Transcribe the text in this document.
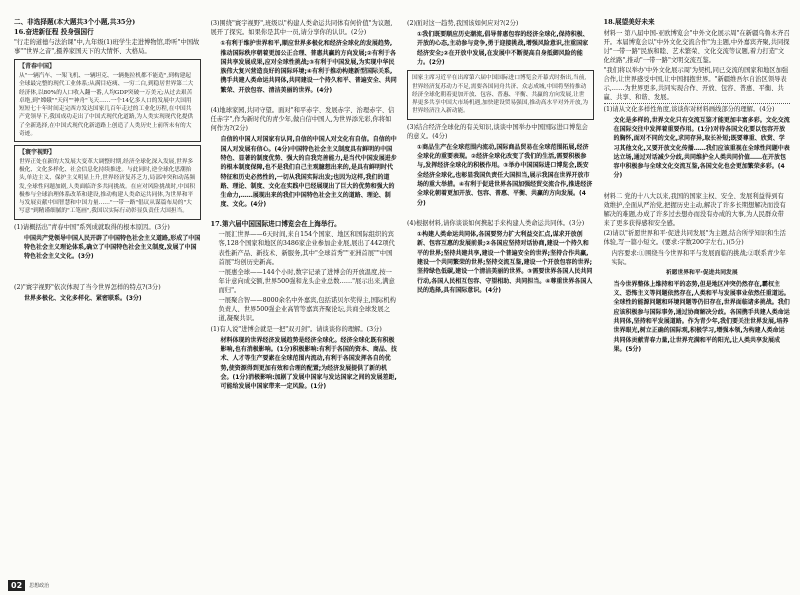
二、非选择题(本大题共3个小题,共35分)
16.奋进新征程 投身强国行
"行走的道德与法治课"中,九年级(1)班学生走进博物馆,聆听"中国故事""世界之音",摄养家国天下的大情怀、大格局。
【青春中国】
从"一辆汽车、一架飞机、一辆坦克、一辆拖拉机都不能造",到构建起全球最完整的现代工业体系;从满目疮痍、一穷二白,到稳居世界第二大经济体,以80%的人口收入翻一番,人均GDP突破一万美元;从过去艰苦卓绝,到"嫦娥""天问""神舟"飞天……一个14亿多人口的发展中大国用短短七十年时间走完西方发达国家几百年走过的工业化历程,在中国共产党领导下,我国成功走出了中国式现代化道路,为人类实现现代化提供了全新选择,在中国式现代化新道路上创造了人类历史上前所未有的大奇迹。
【寰宇视野】
世界正处在新的大发展大变革大调整时期,经济全球化深入发展,世界多极化、文化多样化、社会信息化持续推进。与此同时,逆全球化思潮抬头,单边主义、保护主义明显上升,世界经济复苏乏力,局部冲突和动荡频发,全球性问题加剧,人类面临许多共同挑战。在应对风险挑战时,中国积极参与全球治理体系改革和建设,推动构建人类命运共同体,为世界和平与发展贡献中国智慧和中国力量……"一带一路"倡议从谋篇布局的"大写意"到精谨细腻的"工笔画",我国以实际行动彰显负责任大国担当。
(1)请概括出"青春中国"系列成就取得的根本原因。(3分)
中国共产党领导中国人民开辟了中国特色社会主义道路,形成了中国特色社会主义理论体系,确立了中国特色社会主义制度,发展了中国特色社会主义文化。(3分)
(2)"寰宇视野"依次体现了当今世界怎样的特点?(3分)
世界多极化、文化多样化、紧密联系。(3分)
(3)围绕"寰宇视野",班级以"构建人类命运共同体有何价值"为议题,展开了探究。如果你是其中一员,请分享你的认识。(2分)
①有利于维护世界和平,顺应世界多极化和经济全球化的发展趋势,推动国际秩序朝着更加公正合理、普惠共赢的方向发展;②有利于各国共享发展成果,应对全球性挑战;③有利于中国发展,为实现中华民族伟大复兴营造良好的国际环境;④有利于推动构建新型国际关系,携手共建人类命运共同体,共同建设一个持久和平、普遍安全、共同繁荣、开放包容、清洁美丽的世界。(4分)
(4)地球家园,共同守望。面对"和平赤字、发展赤字、治理赤字、信任赤字",作为新时代的青少年,做自信中国人,为世界添光彩,你将如何作为?(2分)
自信的中国人对国家有认同,自信的中国人对文化有自信。自信的中国人对发展有信心。(4分)中国特色社会主义制度具有鲜明的中国特色、显著的制度优势、强大的自我完善能力,是当代中国发展进步的根本制度保障,也不是我们自己主观臆想出来的,是具有鲜明时代特征和历史必然性的,一切从我国实际出发;也因为这样,我们的道路、理论、制度、文化在实践中已经展现出了巨大的优势和强大的生命力,……展现出来的我们中国特色社会主义的道路、理论、制度、文化。(4分)
17.第六届中国国际进口博览会在上海举行。
一展汇世界——6天时间,来自154个国家、地区和国际组织的宾客,128个国家和地区的3486家企业参加企业展,展出了442项代表性新产品、新技术、新服务,其中"全球首秀""亚洲首展""中国首展"均创历史新高。
一展惠全球——144个小时,数字记录了进博会的开放温度,按一年计意向成交额,世界500强和龙头企业总数……"展示出来,满意而归"。
一展聚合智——8000余名中外嘉宾,包括诺贝尔奖得主,国际机构负责人、世界500强企业高管等嘉宾齐聚论坛,共商全球发展之道,凝聚共识。
(1)有人说"进博会就是一把"双刃剑"。请谈谈你的理解。(3分)
材料体现的世界经济发展趋势是经济全球化。经济全球化既有积极影响,也有消极影响。(1分)积极影响:有利于各国的资本、商品、技术、人才等生产要素在全球范围内流动,有利于各国发挥各自的优势,使资源得到更加有效和合理的配置;为经济发展提供了新的机会。(1分)消极影响:加剧了发展中国家与发达国家之间的发展差距,可能给发展中国家带来一定风险。(1分)
(2)面对这一趋势,我国该如何应对?(2分)
①我们既要顺应历史潮流,倡导普惠包容的经济全球化,保持积极、开放的心态,主动参与竞争,勇于迎接挑战,增强风险意识,注重国家经济安全;②在开放中发展,在发展中不断提高自身抵御风险的能力。(2分)
国家主席习近平在出席第六届中国国际进口博览会开幕式时指出,当前,世界经济复苏动力不足,需要各国同舟共济、众志成城,中国将坚持推动经济全球化朝着更加开放、包容、普惠、平衡、共赢的方向发展,让世界更多共享中国大市场机遇,加快建设贸易强国,推动高水平对外开放,为世界经济注入新动能。
(3)结合经济全球化的有关知识,谈谈中国举办中国国际进口博览会的意义。(4分)
①商品生产在全球范围内流动,国际商品贸易在全球范围拓展,经济全球化的重要表现。②经济全球化改变了我们的生活,需要积极参与,发挥经济全球化的积极作用。③举办中国国际进口博览会,既安全经济全球化,也彰显我国负责任大国担当,展示我国在世界开放市场的重大举措。④有利于促进世界各国加强经贸交流合作,推进经济全球化朝着更加开放、包容、普惠、平衡、共赢的方向发展。(4分)
(4)根据材料,请你谈谈如何携起手来构建人类命运共同体。(3分)
①构建人类命运共同体,各国要努力扩大利益交汇点,谋求开放创新、包容互惠的发展前景;②各国应坚持对话协商,建设一个持久和平的世界;坚持共建共享,建设一个普遍安全的世界;坚持合作共赢,建设一个共同繁荣的世界;坚持交流互鉴,建设一个开放包容的世界;坚持绿色低碳,建设一个清洁美丽的世界。③需要世界各国人民共同行动,各国人民相互包容、守望相助、共同担当。④尊重世界各国人民的选择,具有国际意识。(4分)
18.展望美好未来
材料一 第八届中国-亚欧博览会"中外文化展示周"在新疆乌鲁木齐召开。本届博览会以"中外文化交流合作"为主题,中外嘉宾齐聚,共同探讨"一带一路"民族和睦、艺术繁荣、文化交流等议题,着力打造"文化丝路",推动"一带一路"文明交流互鉴。
"我们将以举办'中外文化展示周'为契机,同已交流的国家和地区加强合作,让世界感受中国,让中国拥抱世界。"新疆维吾尔自治区领导表示,……为世界更多,共同实现合作、开放、包容、普惠、平衡、共赢、共享、和谐、发展。
(1)请从文化多样性角度,谈谈你对材料画线部分的理解。(4分)
文化是多样的,世界文化只有交流互鉴才能更加丰富多彩。文化交流在国际交往中发挥着重要作用。(1分)对待各国文化要以包容开放的胸怀,面对不同的文化,求同存异,取长补短;既要尊重、欣赏、学习其他文化,又要开放文化传播……我们应该重视在全球性问题中表达立场,通过对话减少分歧,共同维护全人类共同价值……在开放包容中积极参与全球文化交流互鉴,各国文化也会更加繁荣多彩。(4分)
材料二 党的十八大以来,我国的国家主权、安全、发展利益得到有效维护,全面从严治党,把握历史主动,解决了许多长期想解决而没有解决的难题,办成了许多过去想办而没有办成的大事,为人民群众带来了更多获得感和安全感。
(2)请以"祈愿世界和平·促进共同发展"为主题,结合所学知识和生活体验,写一篇小短文。(要求:字数200字左右。)(5分)
内容要求:①围绕当今世界和平与发展面临的挑战;②联系青少年实际。
祈愿世界和平·促进共同发展
当今世界整体上维持和平的态势,但是地区冲突仍然存在,霸权主义、恐怖主义等问题依然存在,人类和平与发展事业依然任重道远。全球性的能源问题和环境问题等仍旧存在,世界面临诸多挑战。我们应该积极参与国际事务,通过协商解决分歧。各国携手共建人类命运共同体,坚持和平发展道路。作为青少年,我们要关注世界发展,培养世界眼光,树立正确的国际观,积极学习,增强本领,为构建人类命运共同体贡献青春力量,让世界充满和平的阳光,让人类共享发展成果。(5分)
02	思想政治
